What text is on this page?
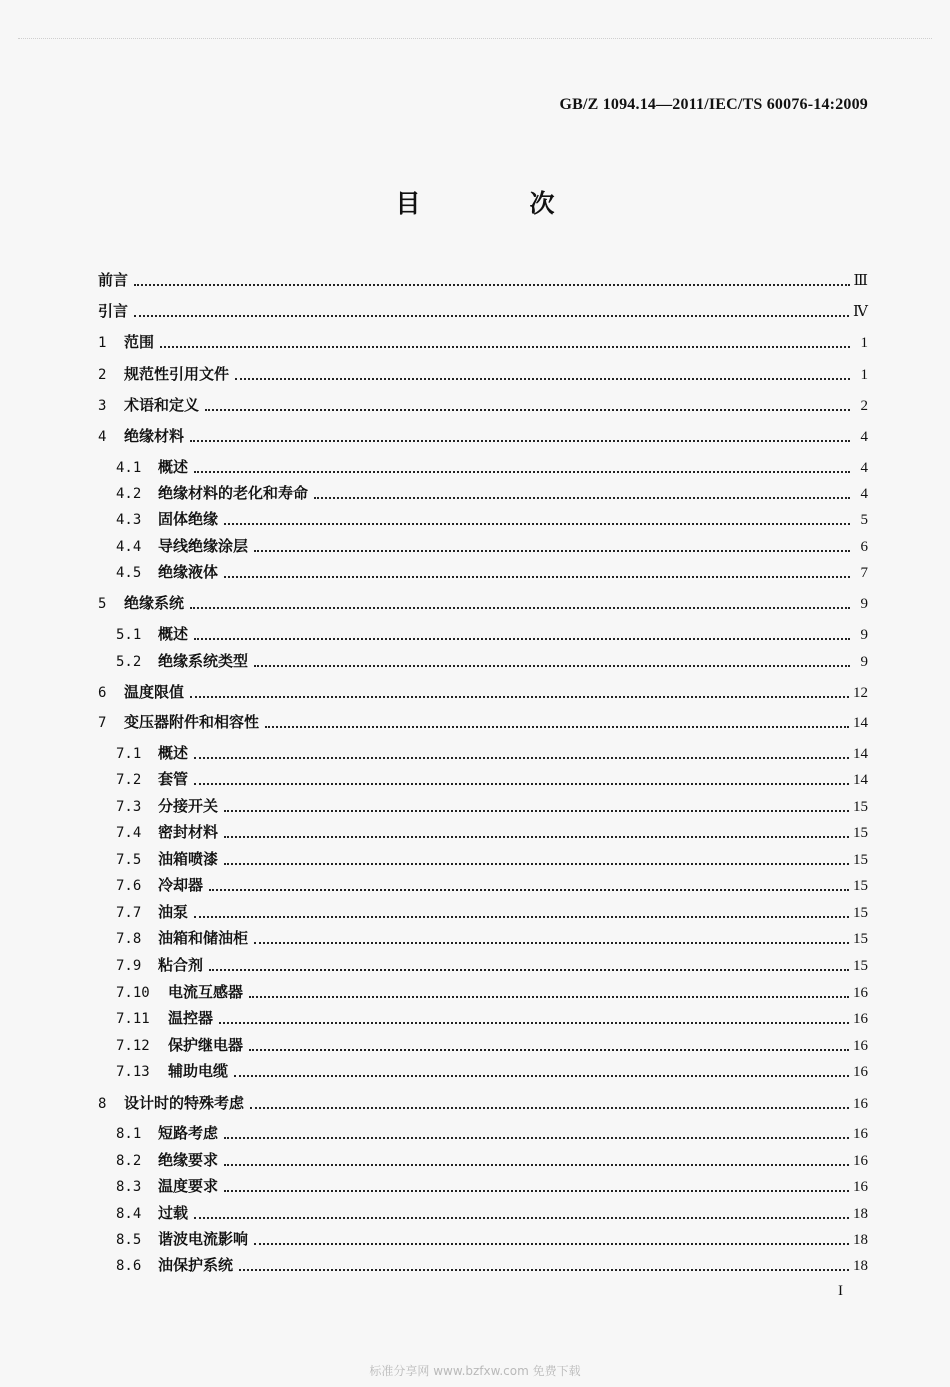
GB/Z 1094.14—2011/IEC/TS 60076-14:2009
目　次
前言	Ⅲ
引言	Ⅳ
1	范围	1
2	规范性引用文件	1
3	术语和定义	2
4	绝缘材料	4
4.1	概述	4
4.2	绝缘材料的老化和寿命	4
4.3	固体绝缘	5
4.4	导线绝缘涂层	6
4.5	绝缘液体	7
5	绝缘系统	9
5.1	概述	9
5.2	绝缘系统类型	9
6	温度限值	12
7	变压器附件和相容性	14
7.1	概述	14
7.2	套管	14
7.3	分接开关	15
7.4	密封材料	15
7.5	油箱喷漆	15
7.6	冷却器	15
7.7	油泵	15
7.8	油箱和储油柜	15
7.9	粘合剂	15
7.10	电流互感器	16
7.11	温控器	16
7.12	保护继电器	16
7.13	辅助电缆	16
8	设计时的特殊考虑	16
8.1	短路考虑	16
8.2	绝缘要求	16
8.3	温度要求	16
8.4	过载	18
8.5	谐波电流影响	18
8.6	油保护系统	18
I
标准分享网 www.bzfxw.com 免费下载
